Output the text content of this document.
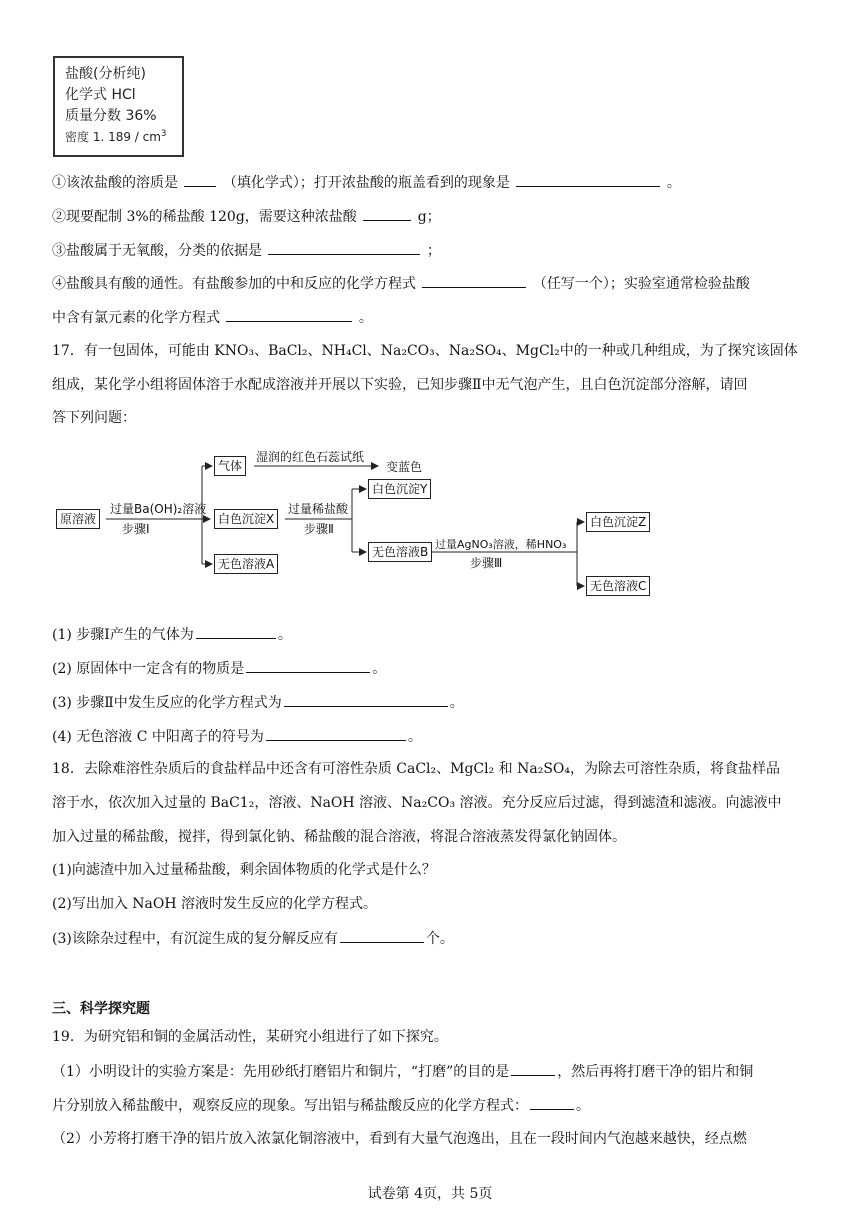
盐酸(分析纯)
化学式 HCl
质量分数 36%
密度 1. $189 / cm^3$
①该浓盐酸的溶质是	（填化学式）；打开浓盐酸的瓶盖看到的现象是	。
②现要配制 3%的稀盐酸 120g，需要这种浓盐酸	g；
③盐酸属于无氧酸，分类的依据是	；
④盐酸具有酸的通性。有盐酸参加的中和反应的化学方程式	（任写一个）；实验室通常检验盐酸
中含有氯元素的化学方程式	。
17．有一包固体，可能由 KNO₃、BaCl₂、NH₄Cl、Na₂CO₃、Na₂SO₄、MgCl₂中的一种或几种组成，为了探究该固体
组成，某化学小组将固体溶于水配成溶液并开展以下实验，已知步骤Ⅱ中无气泡产生，且白色沉淀部分溶解，请回
答下列问题：
原溶液
过量Ba(OH)₂溶液
步骤Ⅰ
气体
湿润的红色石蕊试纸
变蓝色
白色沉淀X
无色溶液A
过量稀盐酸
步骤Ⅱ
白色沉淀Y
无色溶液B
过量AgNO₃溶液，稀HNO₃
步骤Ⅲ
白色沉淀Z
无色溶液C
(1) 步骤Ⅰ产生的气体为	。
(2) 原固体中一定含有的物质是	。
(3) 步骤Ⅱ中发生反应的化学方程式为	。
(4) 无色溶液 C 中阳离子的符号为	。
18．去除难溶性杂质后的食盐样品中还含有可溶性杂质 CaCl₂、MgCl₂ 和 Na₂SO₄，为除去可溶性杂质，将食盐样品
溶于水，依次加入过量的 BaC1₂，溶液、NaOH 溶液、Na₂CO₃ 溶液。充分反应后过滤，得到滤渣和滤液。向滤液中
加入过量的稀盐酸，搅拌，得到氯化钠、稀盐酸的混合溶液，将混合溶液蒸发得氯化钠固体。
(1)向滤渣中加入过量稀盐酸，剩余固体物质的化学式是什么？
(2)写出加入 NaOH 溶液时发生反应的化学方程式。
(3)该除杂过程中，有沉淀生成的复分解反应有	个。
三、科学探究题
19．为研究铝和铜的金属活动性，某研究小组进行了如下探究。
（1）小明设计的实验方案是：先用砂纸打磨铝片和铜片，“打磨”的目的是	，然后再将打磨干净的铝片和铜
片分别放入稀盐酸中，观察反应的现象。写出铝与稀盐酸反应的化学方程式：	。
（2）小芳将打磨干净的铝片放入浓氯化铜溶液中，看到有大量气泡逸出，且在一段时间内气泡越来越快，经点燃
试卷第 4页，共 5页
